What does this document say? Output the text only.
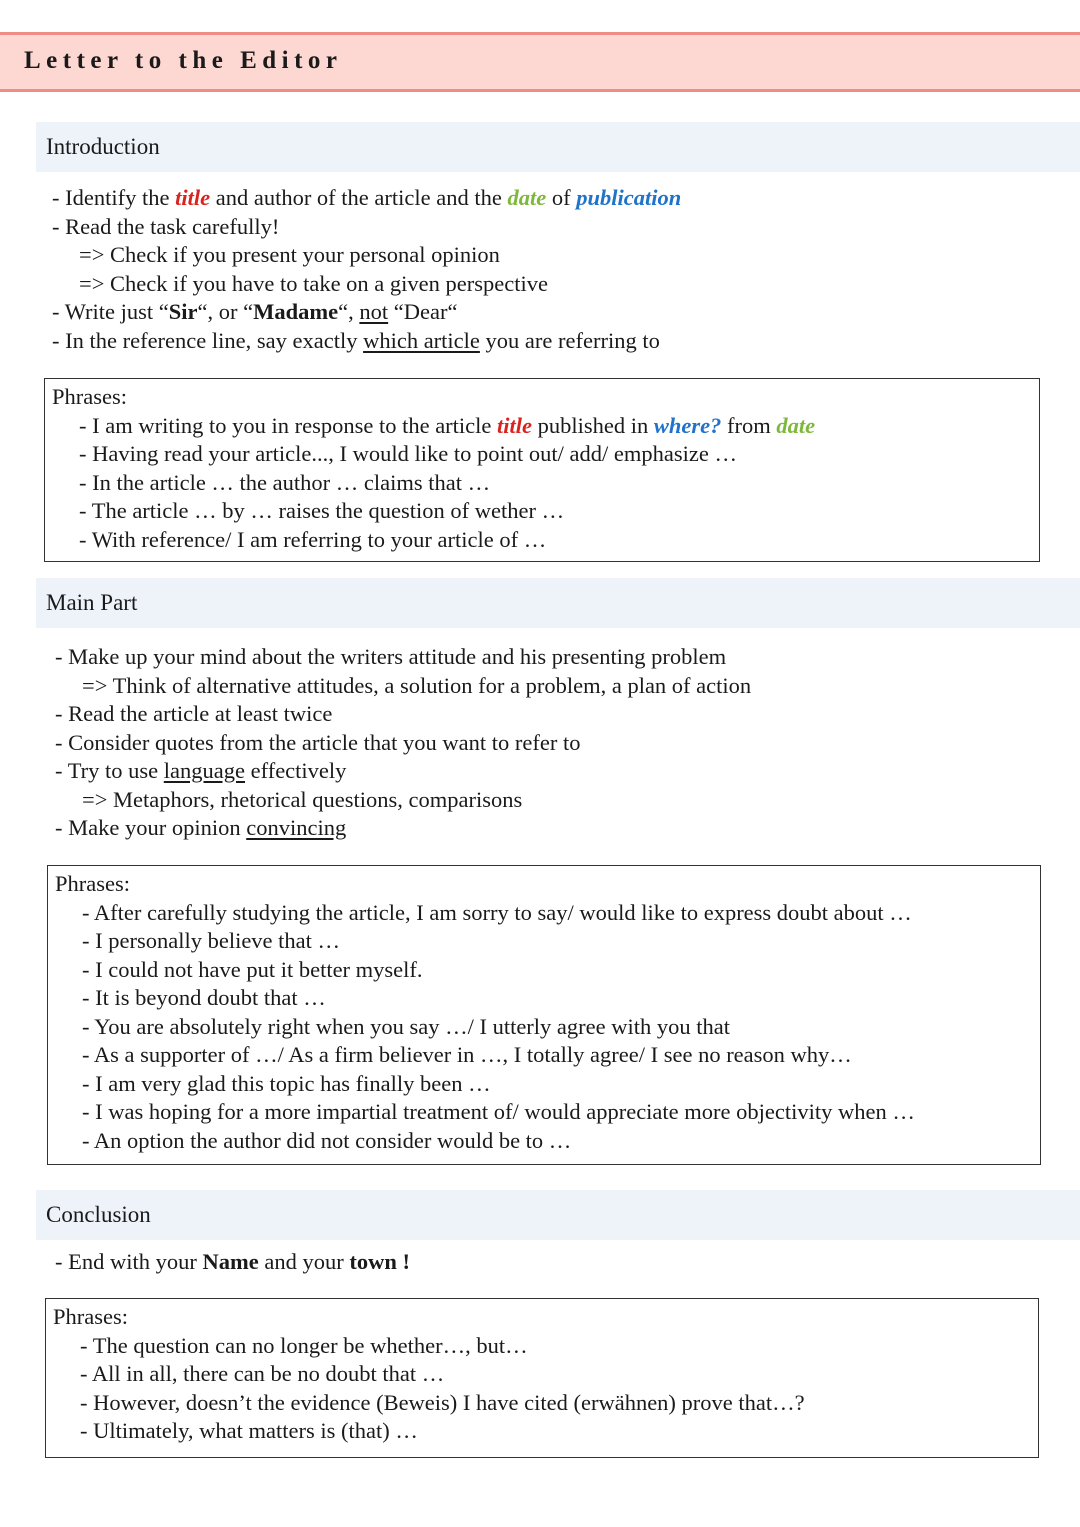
Letter to the Editor
Introduction
- Identify the title and author of the article and the date of publication
- Read the task carefully!
=> Check if you present your personal opinion
=> Check if you have to take on a given perspective
- Write just “Sir“, or “Madame“, not “Dear“
- In the reference line, say exactly which article you are referring to
Phrases:
- I am writing to you in response to the article title published in where? from date
- Having read your article..., I would like to point out/ add/ emphasize …
- In the article … the author … claims that …
- The article … by … raises the question of wether …
- With reference/ I am referring to your article of …
Main Part
- Make up your mind about the writers attitude and his presenting problem
=> Think of alternative attitudes, a solution for a problem, a plan of action
- Read the article at least twice
- Consider quotes from the article that you want to refer to
- Try to use language effectively
=> Metaphors, rhetorical questions, comparisons
- Make your opinion convincing
Phrases:
- After carefully studying the article, I am sorry to say/ would like to express doubt about …
- I personally believe that …
- I could not have put it better myself.
- It is beyond doubt that …
- You are absolutely right when you say …/ I utterly agree with you that
- As a supporter of …/ As a firm believer in …, I totally agree/ I see no reason why…
- I am very glad this topic has finally been …
- I was hoping for a more impartial treatment of/ would appreciate more objectivity when …
- An option the author did not consider would be to …
Conclusion
- End with your Name and your town !
Phrases:
- The question can no longer be whether…, but…
- All in all, there can be no doubt that …
- However, doesn’t the evidence (Beweis) I have cited (erwähnen) prove that…?
- Ultimately, what matters is (that) …
